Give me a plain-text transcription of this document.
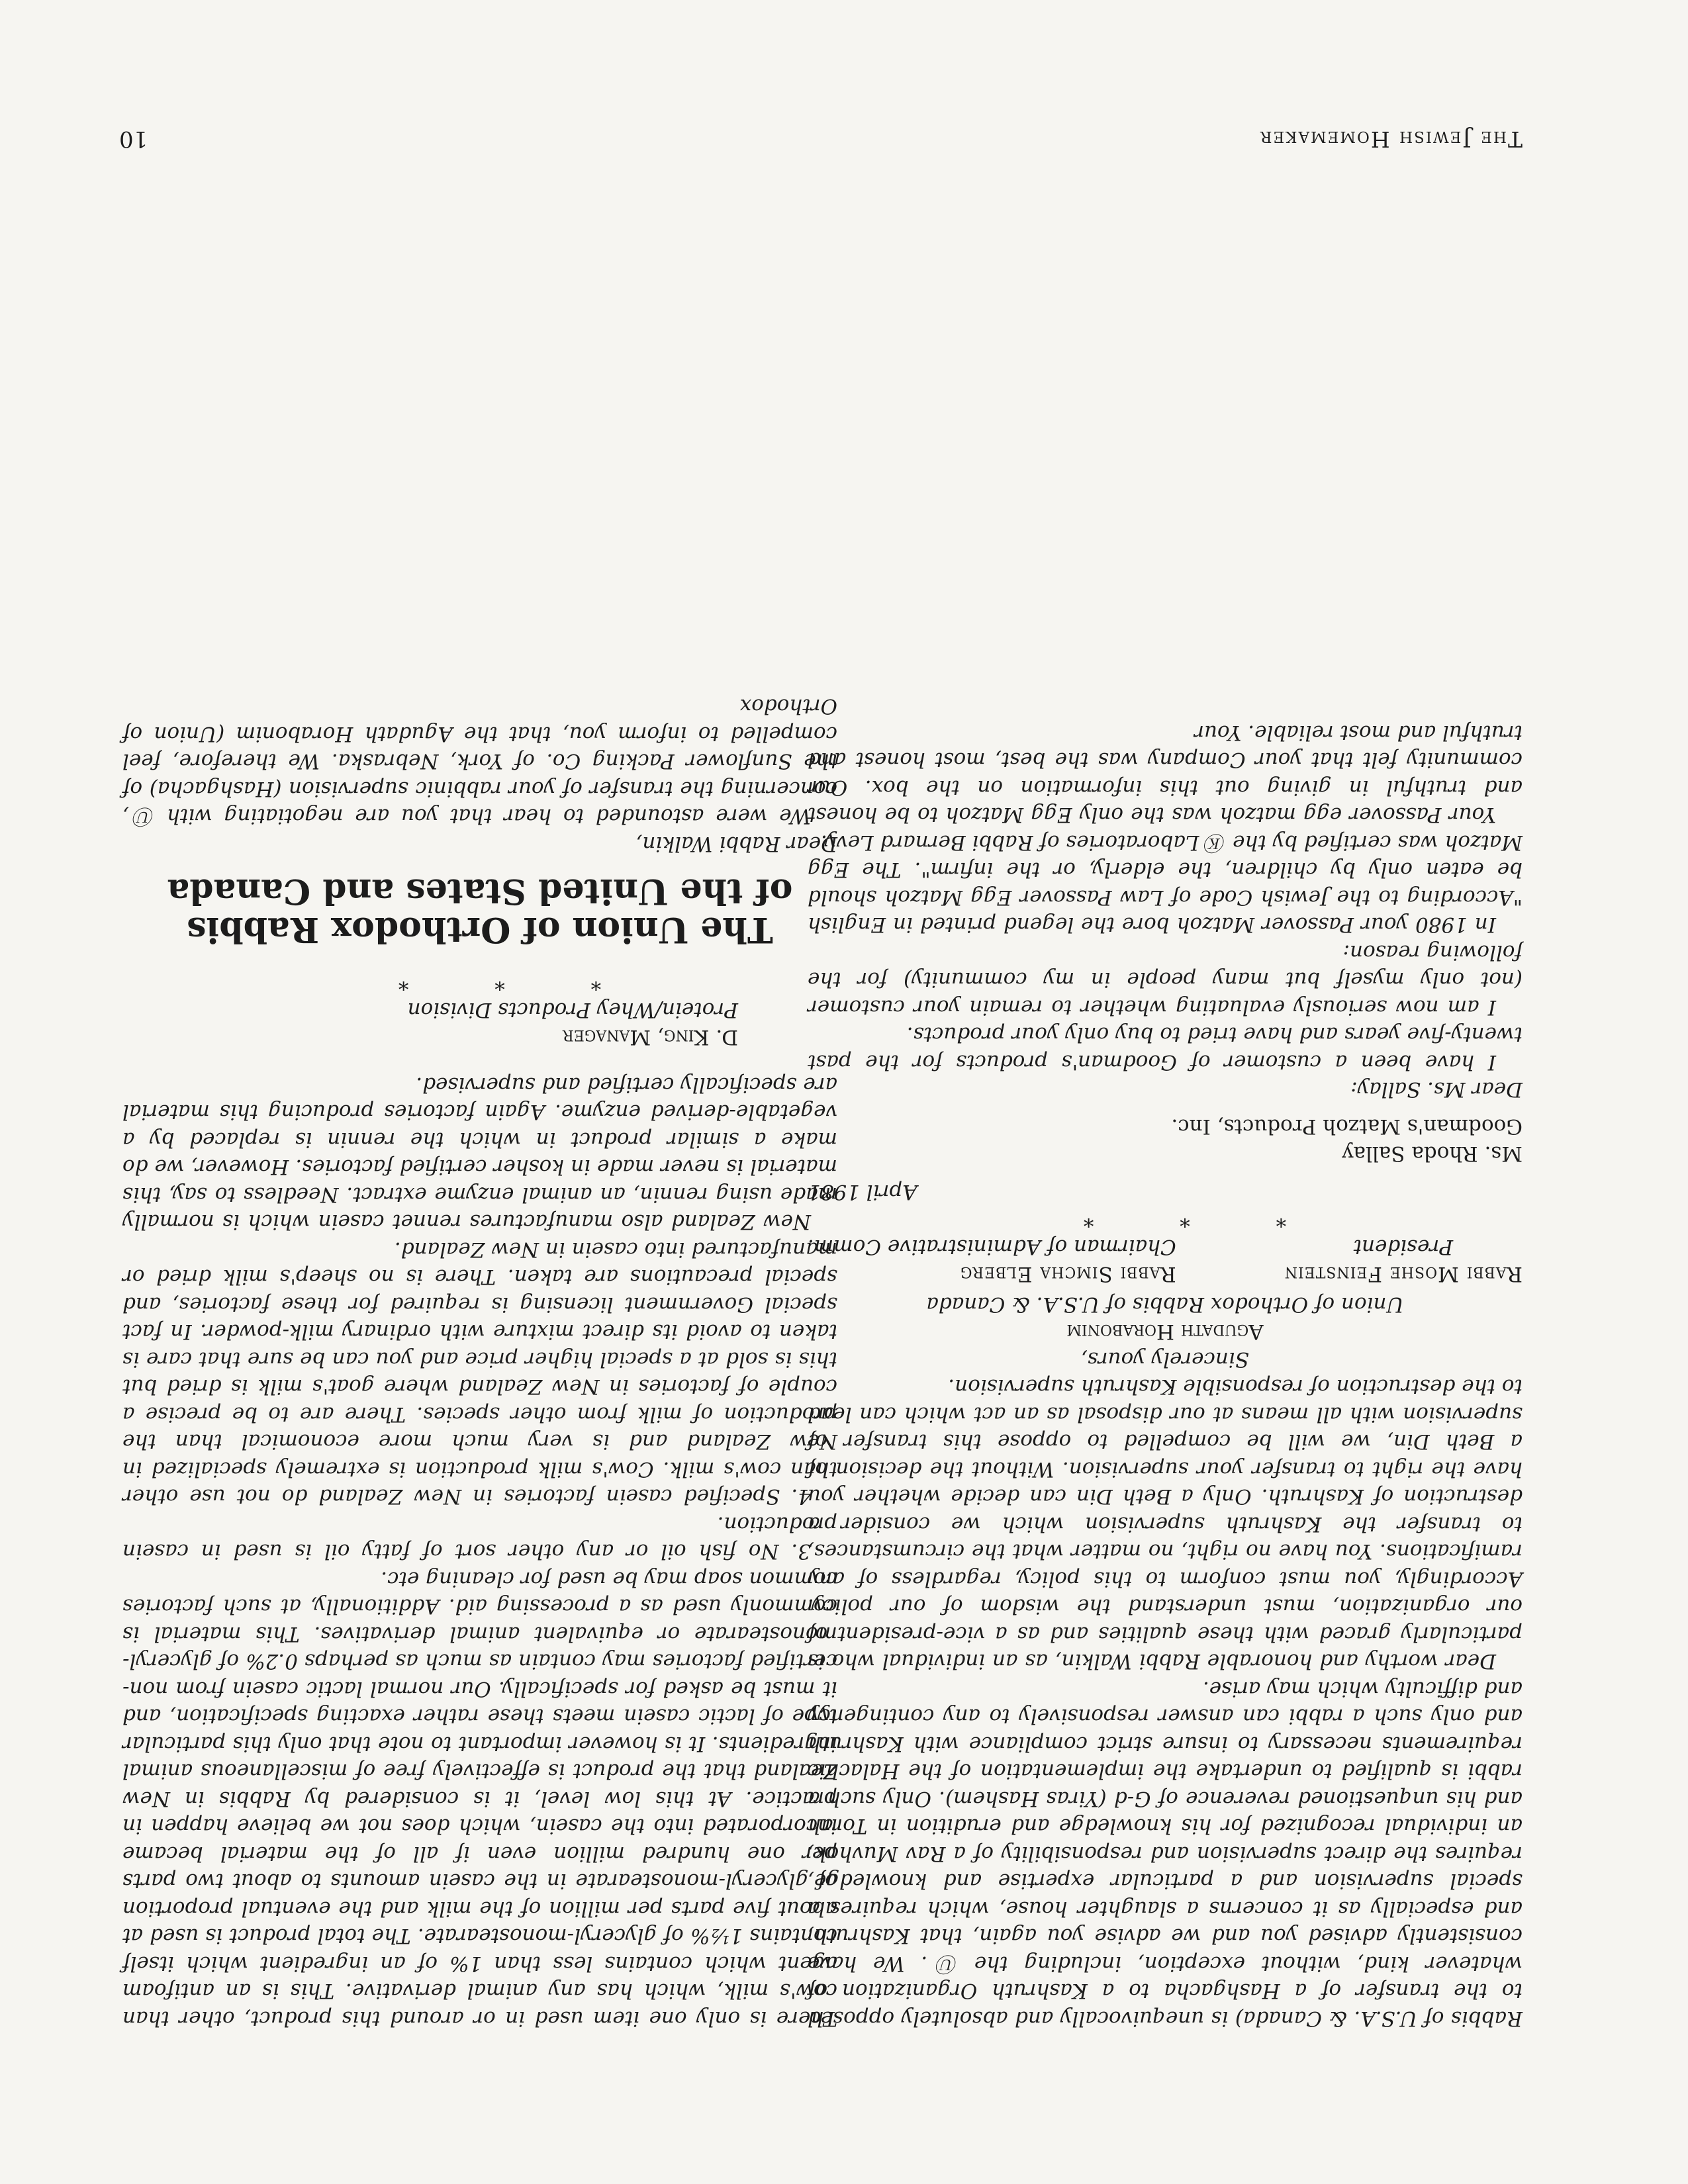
Rabbis of U.S.A. & Canada) is unequivocally and absolutely opposed to the transfer of a Hashgacha to a Kashruth Organization of whatever kind, without exception, including the Ⓤ. We have consistently advised you and we advise you again, that Kashruth, and especially as it concerns a slaughter house, which requires a special supervision and a particular expertise and knowledge, requires the direct supervision and responsibility of a Rav Muvhok, an individual recognized for his knowledge and erudition in Torah and his unquestioned reverence of G-d (Yiras Hashem). Only such a rabbi is qualified to undertake the implementation of the Halachic requirements necessary to insure strict compliance with Kashruth and only such a rabbi can answer responsively to any contingency and difficulty which may arise.

Dear worthy and honorable Rabbi Walkin, as an individual who is particularly graced with these qualities and as a vice-president of our organization, must understand the wisdom of our policy. Accordingly, you must conform to this policy, regardless of any ramifications. You have no right, no matter what the circumstances, to transfer the Kashruth supervision which we consider a destruction of Kashruth. Only a Beth Din can decide whether you have the right to transfer your supervision. Without the decision of a Beth Din, we will be compelled to oppose this transfer of supervision with all means at our disposal as an act which can lead to the destruction of responsible Kashruth supervision.

Sincerely yours,

Agudath Horabonim

Union of Orthodox Rabbis of U.S.A. & Canada

Rabbi Moshe Feinstein
President
Rabbi Simcha Elberg
Chairman of Administrative Comm.

* * *

April 1981

Ms. Rhoda Sallay

Goodman's Matzoh Products, Inc.

Dear Ms. Sallay:

I have been a customer of Goodman's products for the past twenty-five years and have tried to buy only your products.

I am now seriously evaluating whether to remain your customer (not only myself but many people in my community) for the following reason:

In 1980 your Passover Matzoh bore the legend printed in English "According to the Jewish Code of Law Passover Egg Matzoh should be eaten only by children, the elderly, or the infirm". The Egg Matzoh was certified by the Ⓚ Laboratories of Rabbi Bernard Levy.

Your Passover egg matzoh was the only Egg Matzoh to be honest and truthful in giving out this information on the box. Our community felt that your Company was the best, most honest and truthful and most reliable. Your

There is only one item used in or around this product, other than cow's milk, which has any animal derivative. This is an antifoam agent which contains less than 1% of an ingredient which itself contains 1½% of glyceryl-monostearate. The total product is used at about five parts per million of the milk and the eventual proportion of glyceryl-monostearate in the casein amounts to about two parts per one hundred million even if all of the material became incorporated into the casein, which does not we believe happen in practice. At this low level, it is considered by Rabbis in New Zealand that the product is effectively free of miscellaneous animal ingredients. It is however important to note that only this particular type of lactic casein meets these rather exacting specification, and it must be asked for specifically. Our normal lactic casein from non-certified factories may contain as much as perhaps 0.2% of glyceryl-monostearate or equivalent animal derivatives. This material is commonly used as a processing aid. Additionally, at such factories common soap may be used for cleaning etc.

3. No fish oil or any other sort of fatty oil is used in casein production.

4. Specified casein factories in New Zealand do not use other than cow's milk. Cow's milk production is extremely specialized in New Zealand and is very much more economical than the production of milk from other species. There are to be precise a couple of factories in New Zealand where goat's milk is dried but this is sold at a special higher price and you can be sure that care is taken to avoid its direct mixture with ordinary milk-powder. In fact special Government licensing is required for these factories, and special precautions are taken. There is no sheep's milk dried or manufactured into casein in New Zealand.

New Zealand also manufactures rennet casein which is normally made using rennin, an animal enzyme extract. Needless to say, this material is never made in kosher certified factories. However, we do make a similar product in which the rennin is replaced by a vegetable-derived enzyme. Again factories producing this material are specifically certified and supervised.

D. King, Manager
Protein/Whey Products Division

* * *

The Union of Orthodox Rabbis
of the United States and Canada

Dear Rabbi Walkin,

We were astounded to hear that you are negotiating with Ⓤ, concerning the transfer of your rabbinic supervision (Hashgacha) of the Sunflower Packing Co. of York, Nebraska. We therefore, feel compelled to inform you, that the Agudath Horabonim (Union of Orthodox

The Jewish Homemaker
10
